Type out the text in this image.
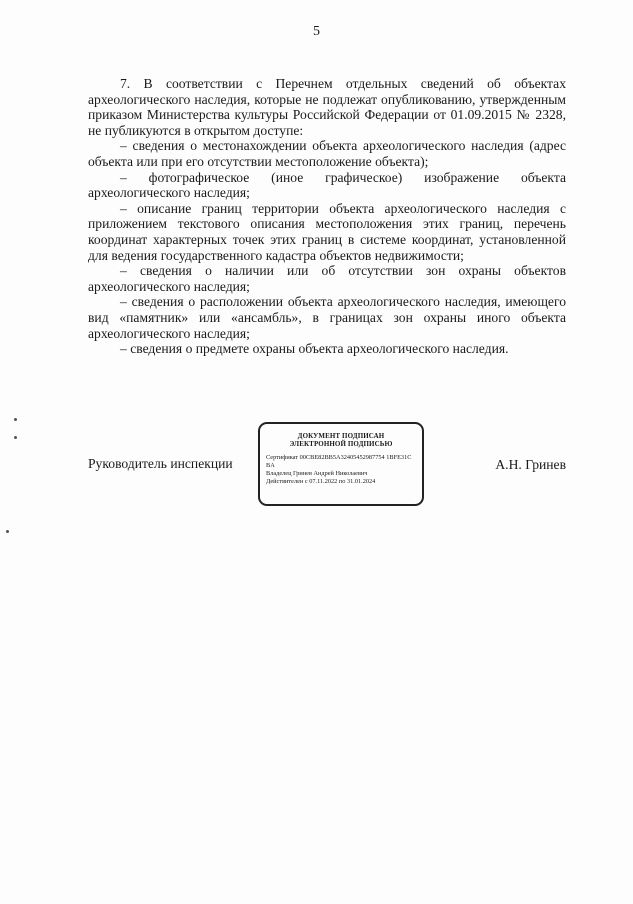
5

7. В соответствии с Перечнем отдельных сведений об объектах археологического наследия, которые не подлежат опубликованию, утвержденным приказом Министерства культуры Российской Федерации от 01.09.2015 № 2328, не публикуются в открытом доступе:

– сведения о местонахождении объекта археологического наследия (адрес объекта или при его отсутствии местоположение объекта);

– фотографическое (иное графическое) изображение объекта археологического наследия;

– описание границ территории объекта археологического наследия с приложением текстового описания местоположения этих границ, перечень координат характерных точек этих границ в системе координат, установленной для ведения государственного кадастра объектов недвижимости;

– сведения о наличии или об отсутствии зон охраны объектов археологического наследия;

– сведения о расположении объекта археологического наследия, имеющего вид «памятник» или «ансамбль», в границах зон охраны иного объекта археологического наследия;

– сведения о предмете охраны объекта археологического наследия.

Руководитель инспекции
ДОКУМЕНТ ПОДПИСАН
ЭЛЕКТРОННОЙ ПОДПИСЬЮ
Сертификат 00CBE82BB5A32405452987754 1BFE31C BA
Владелец Гринев Андрей Николаевич
Действителен с 07.11.2022 по 31.01.2024
А.Н. Гринев
